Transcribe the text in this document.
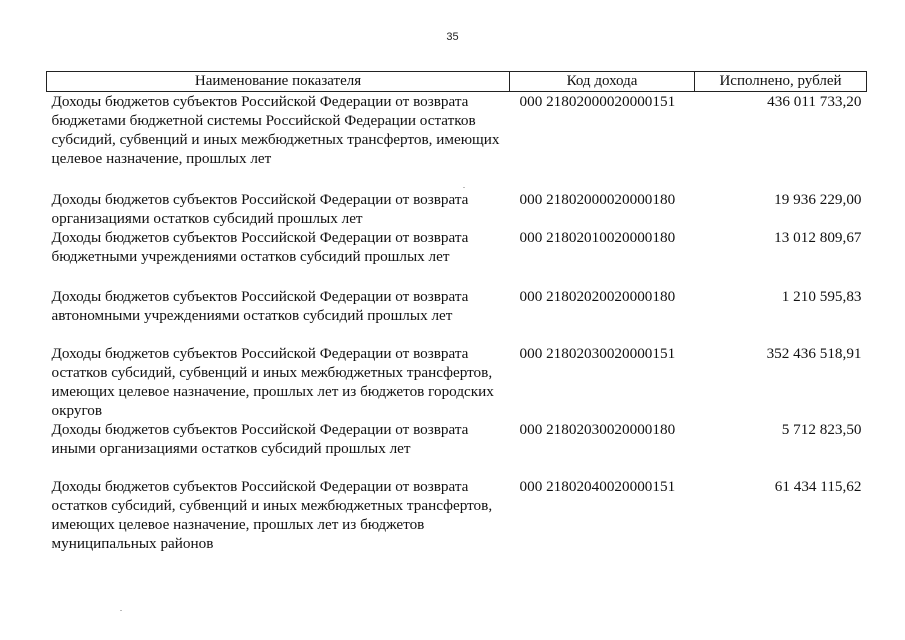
35
Наименование показателя	Код дохода	Исполнено, рублей
Доходы бюджетов субъектов Российской Федерации от возврата бюджетами бюджетной системы Российской Федерации остатков субсидий, субвенций и иных межбюджетных трансфертов, имеющих целевое назначение, прошлых лет	000 21802000020000151	436 011 733,20
Доходы бюджетов субъектов Российской Федерации от возврата организациями остатков субсидий прошлых лет	000 21802000020000180	19 936 229,00
Доходы бюджетов субъектов Российской Федерации от возврата бюджетными учреждениями остатков субсидий прошлых лет	000 21802010020000180	13 012 809,67
Доходы бюджетов субъектов Российской Федерации от возврата автономными учреждениями остатков субсидий прошлых лет	000 21802020020000180	1 210 595,83
Доходы бюджетов субъектов Российской Федерации от возврата остатков субсидий, субвенций и иных межбюджетных трансфертов, имеющих целевое назначение, прошлых лет из бюджетов городских округов	000 21802030020000151	352 436 518,91
Доходы бюджетов субъектов Российской Федерации от возврата иными организациями остатков субсидий прошлых лет	000 21802030020000180	5 712 823,50
Доходы бюджетов субъектов Российской Федерации от возврата остатков субсидий, субвенций и иных межбюджетных трансфертов, имеющих целевое назначение, прошлых лет из бюджетов муниципальных районов	000 21802040020000151	61 434 115,62
